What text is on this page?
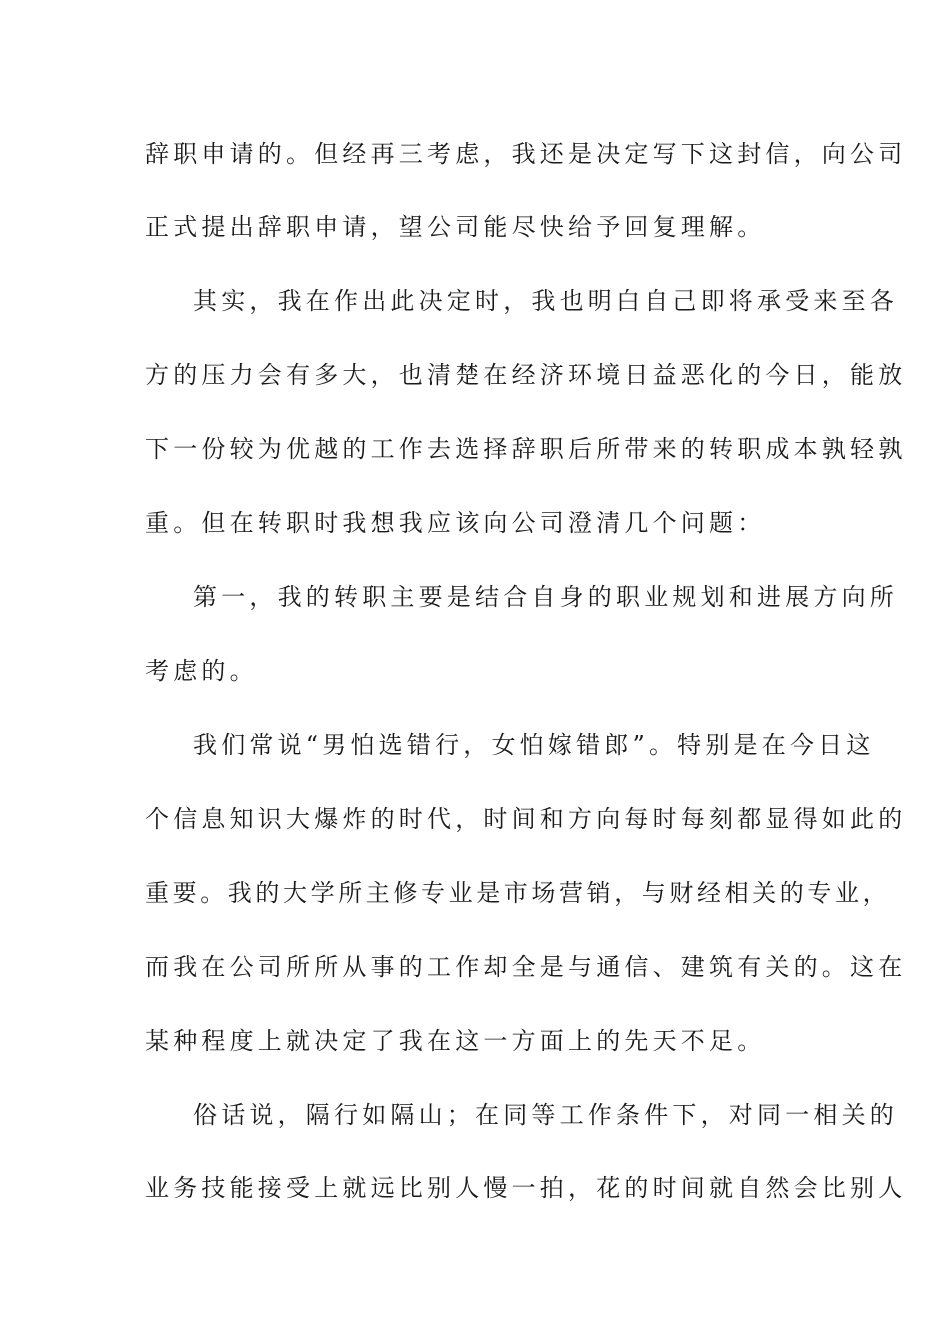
辞职申请的。但经再三考虑，我还是决定写下这封信，向公司
正式提出辞职申请，望公司能尽快给予回复理解。
其实，我在作出此决定时，我也明白自己即将承受来至各
方的压力会有多大，也清楚在经济环境日益恶化的今日，能放
下一份较为优越的工作去选择辞职后所带来的转职成本孰轻孰
重。但在转职时我想我应该向公司澄清几个问题：
第一，我的转职主要是结合自身的职业规划和进展方向所
考虑的。
我们常说“男怕选错行，女怕嫁错郎”。特别是在今日这
个信息知识大爆炸的时代，时间和方向每时每刻都显得如此的
重要。我的大学所主修专业是市场营销，与财经相关的专业，
而我在公司所所从事的工作却全是与通信、建筑有关的。这在
某种程度上就决定了我在这一方面上的先天不足。
俗话说，隔行如隔山；在同等工作条件下，对同一相关的
业务技能接受上就远比别人慢一拍，花的时间就自然会比别人
